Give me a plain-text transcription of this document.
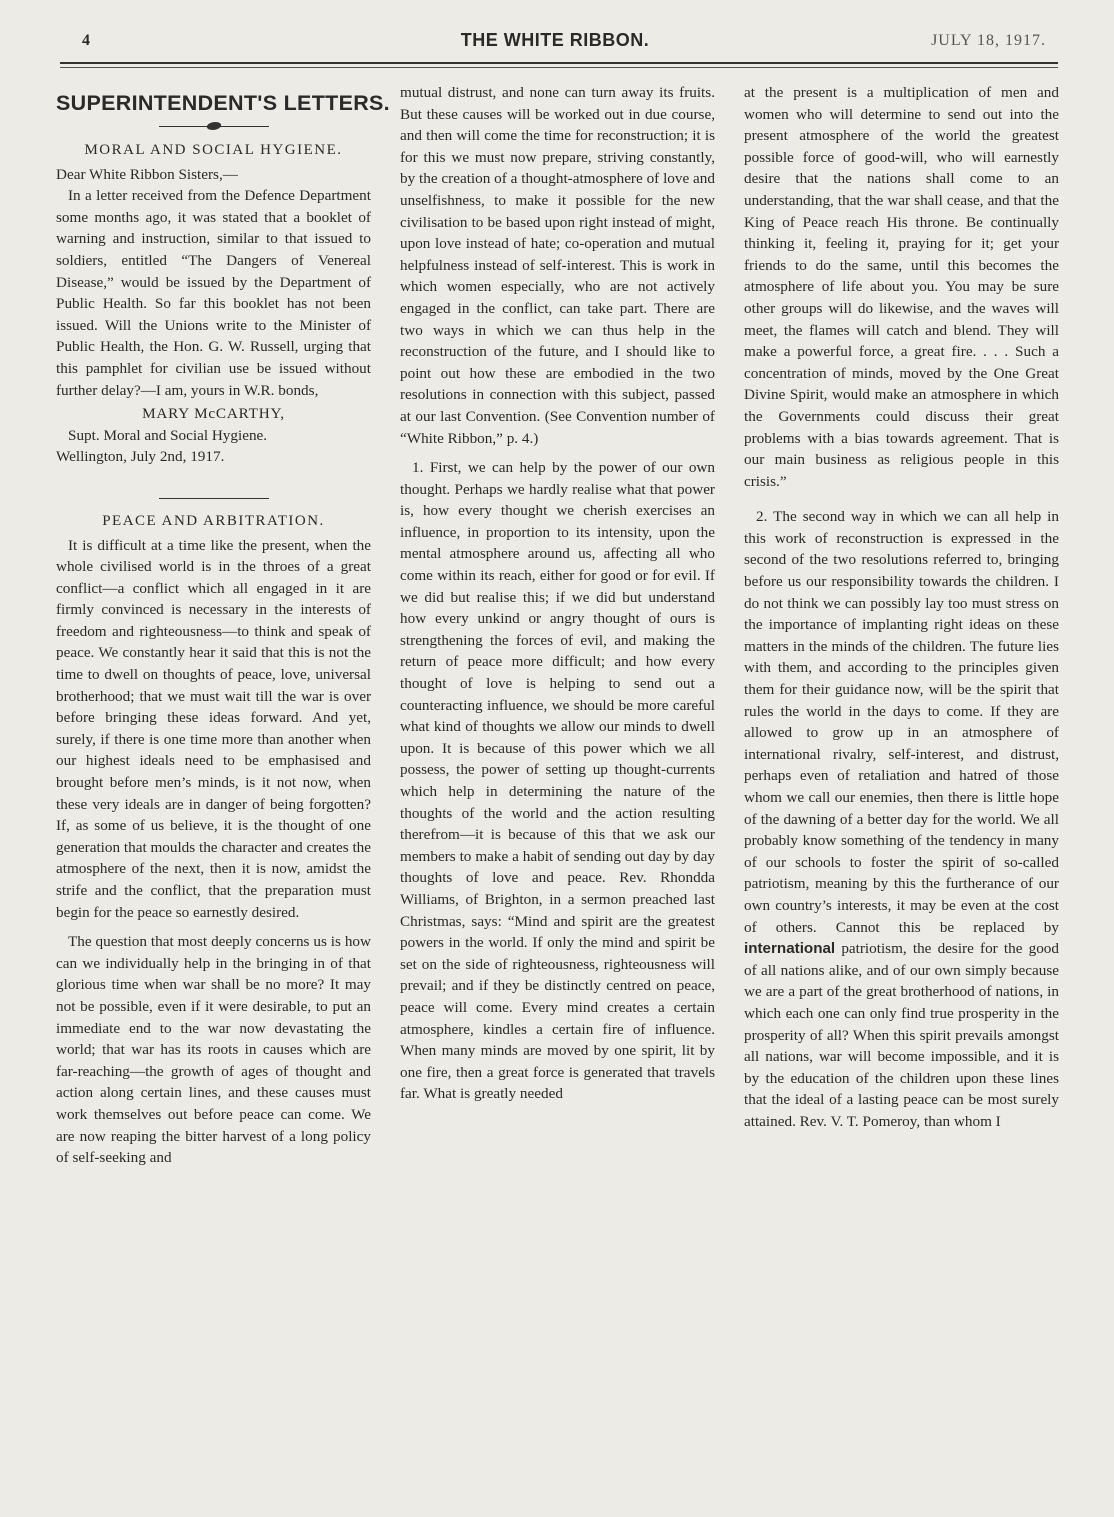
4	THE WHITE RIBBON.	JULY 18, 1917.
SUPERINTENDENT'S LETTERS.
MORAL AND SOCIAL HYGIENE.

Dear White Ribbon Sisters,—

In a letter received from the Defence Department some months ago, it was stated that a booklet of warning and instruction, similar to that issued to soldiers, entitled “The Dangers of Venereal Disease,” would be issued by the Department of Public Health. So far this booklet has not been issued. Will the Unions write to the Minister of Public Health, the Hon. G. W. Russell, urging that this pamphlet for civilian use be issued without further delay?—I am, yours in W.R. bonds,

MARY McCARTHY,

Supt. Moral and Social Hygiene.

Wellington, July 2nd, 1917.

PEACE AND ARBITRATION.

It is difficult at a time like the present, when the whole civilised world is in the throes of a great conflict—a conflict which all engaged in it are firmly convinced is necessary in the interests of freedom and righteousness—to think and speak of peace. We constantly hear it said that this is not the time to dwell on thoughts of peace, love, universal brotherhood; that we must wait till the war is over before bringing these ideas forward. And yet, surely, if there is one time more than another when our highest ideals need to be emphasised and brought before men’s minds, is it not now, when these very ideals are in danger of being forgotten? If, as some of us believe, it is the thought of one generation that moulds the character and creates the atmosphere of the next, then it is now, amidst the strife and the conflict, that the preparation must begin for the peace so earnestly desired.

The question that most deeply concerns us is how can we individually help in the bringing in of that glorious time when war shall be no more? It may not be possible, even if it were desirable, to put an immediate end to the war now devastating the world; that war has its roots in causes which are far-reaching—the growth of ages of thought and action along certain lines, and these causes must work themselves out before peace can come. We are now reaping the bitter harvest of a long policy of self-seeking and

mutual distrust, and none can turn away its fruits. But these causes will be worked out in due course, and then will come the time for reconstruction; it is for this we must now prepare, striving constantly, by the creation of a thought-atmosphere of love and unselfishness, to make it possible for the new civilisation to be based upon right instead of might, upon love instead of hate; co-operation and mutual helpfulness instead of self-interest. This is work in which women especially, who are not actively engaged in the conflict, can take part. There are two ways in which we can thus help in the reconstruction of the future, and I should like to point out how these are embodied in the two resolutions in connection with this subject, passed at our last Convention. (See Convention number of “White Ribbon,” p. 4.)

1. First, we can help by the power of our own thought. Perhaps we hardly realise what that power is, how every thought we cherish exercises an influence, in proportion to its intensity, upon the mental atmosphere around us, affecting all who come within its reach, either for good or for evil. If we did but realise this; if we did but understand how every unkind or angry thought of ours is strengthening the forces of evil, and making the return of peace more difficult; and how every thought of love is helping to send out a counteracting influence, we should be more careful what kind of thoughts we allow our minds to dwell upon. It is because of this power which we all possess, the power of setting up thought-currents which help in determining the nature of the thoughts of the world and the action resulting therefrom—it is because of this that we ask our members to make a habit of sending out day by day thoughts of love and peace. Rev. Rhondda Williams, of Brighton, in a sermon preached last Christmas, says: “Mind and spirit are the greatest powers in the world. If only the mind and spirit be set on the side of righteousness, righteousness will prevail; and if they be distinctly centred on peace, peace will come. Every mind creates a certain atmosphere, kindles a certain fire of influence. When many minds are moved by one spirit, lit by one fire, then a great force is generated that travels far. What is greatly needed

at the present is a multiplication of men and women who will determine to send out into the present atmosphere of the world the greatest possible force of good-will, who will earnestly desire that the nations shall come to an understanding, that the war shall cease, and that the King of Peace reach His throne. Be continually thinking it, feeling it, praying for it; get your friends to do the same, until this becomes the atmosphere of life about you. You may be sure other groups will do likewise, and the waves will meet, the flames will catch and blend. They will make a powerful force, a great fire. . . . Such a concentration of minds, moved by the One Great Divine Spirit, would make an atmosphere in which the Governments could discuss their great problems with a bias towards agreement. That is our main business as religious people in this crisis.”

2. The second way in which we can all help in this work of reconstruction is expressed in the second of the two resolutions referred to, bringing before us our responsibility towards the children. I do not think we can possibly lay too must stress on the importance of implanting right ideas on these matters in the minds of the children. The future lies with them, and according to the principles given them for their guidance now, will be the spirit that rules the world in the days to come. If they are allowed to grow up in an atmosphere of international rivalry, self-interest, and distrust, perhaps even of retaliation and hatred of those whom we call our enemies, then there is little hope of the dawning of a better day for the world. We all probably know something of the tendency in many of our schools to foster the spirit of so-called patriotism, meaning by this the furtherance of our own country’s interests, it may be even at the cost of others. Cannot this be replaced by international patriotism, the desire for the good of all nations alike, and of our own simply because we are a part of the great brotherhood of nations, in which each one can only find true prosperity in the prosperity of all? When this spirit prevails amongst all nations, war will become impossible, and it is by the education of the children upon these lines that the ideal of a lasting peace can be most surely attained. Rev. V. T. Pomeroy, than whom I
